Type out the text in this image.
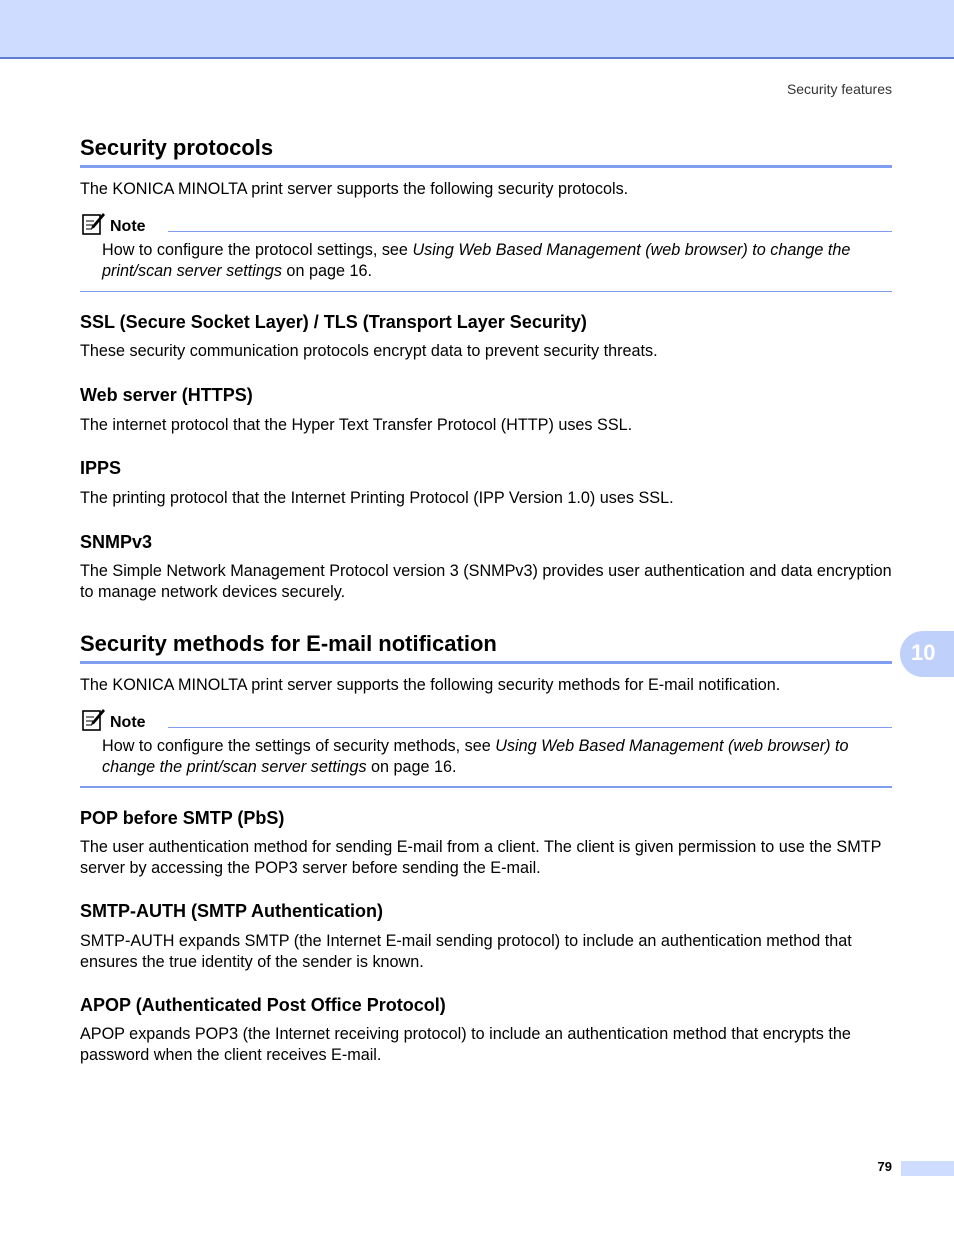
Security features
Security protocols

The KONICA MINOLTA print server supports the following security protocols.

Note

How to configure the protocol settings, see Using Web Based Management (web browser) to change the print/scan server settings on page 16.

SSL (Secure Socket Layer) / TLS (Transport Layer Security)

These security communication protocols encrypt data to prevent security threats.

Web server (HTTPS)

The internet protocol that the Hyper Text Transfer Protocol (HTTP) uses SSL.

IPPS

The printing protocol that the Internet Printing Protocol (IPP Version 1.0) uses SSL.

SNMPv3

The Simple Network Management Protocol version 3 (SNMPv3) provides user authentication and data encryption to manage network devices securely.

Security methods for E-mail notification

The KONICA MINOLTA print server supports the following security methods for E-mail notification.

Note

How to configure the settings of security methods, see Using Web Based Management (web browser) to change the print/scan server settings on page 16.

POP before SMTP (PbS)

The user authentication method for sending E-mail from a client. The client is given permission to use the SMTP server by accessing the POP3 server before sending the E-mail.

SMTP-AUTH (SMTP Authentication)

SMTP-AUTH expands SMTP (the Internet E-mail sending protocol) to include an authentication method that ensures the true identity of the sender is known.

APOP (Authenticated Post Office Protocol)

APOP expands POP3 (the Internet receiving protocol) to include an authentication method that encrypts the password when the client receives E-mail.

10
79
